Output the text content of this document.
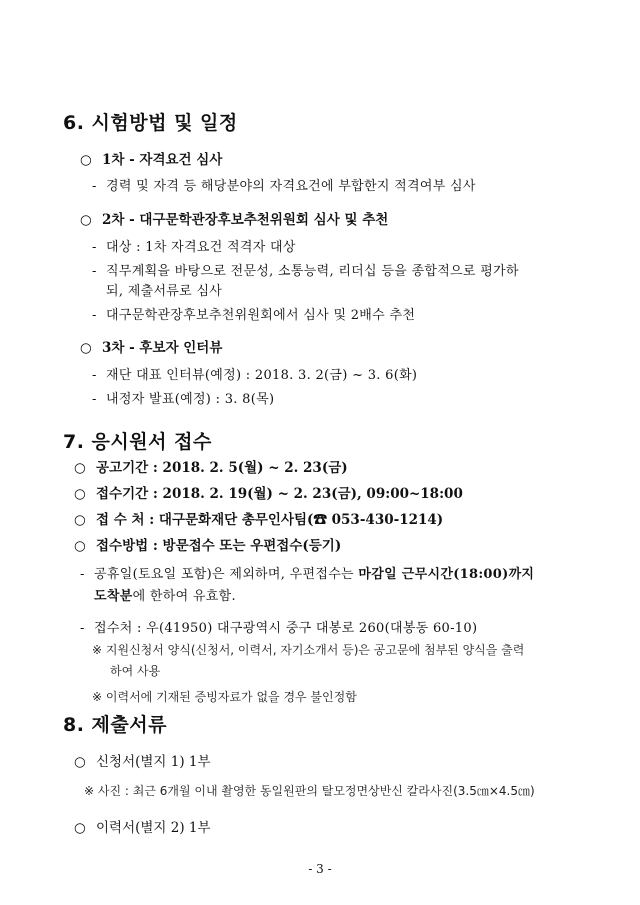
6. 시험방법 및 일정
○ 1차 - 자격요건 심사
- 경력 및 자격 등 해당분야의 자격요건에 부합한지 적격여부 심사
○ 2차 - 대구문학관장후보추천위원회 심사 및 추천
- 대상 : 1차 자격요건 적격자 대상
- 직무계획을 바탕으로 전문성, 소통능력, 리더십 등을 종합적으로 평가하
되, 제출서류로 심사
- 대구문학관장후보추천위원회에서 심사 및 2배수 추천
○ 3차 - 후보자 인터뷰
- 재단 대표 인터뷰(예정) : 2018. 3. 2(금) ~ 3. 6(화)
- 내정자 발표(예정) : 3. 8(목)
7. 응시원서 접수
○ 공고기간 : 2018. 2. 5(월) ~ 2. 23(금)
○ 접수기간 : 2018. 2. 19(월) ~ 2. 23(금), 09:00~18:00
○ 접 수 처 : 대구문화재단 총무인사팀(☎ 053-430-1214)
○ 접수방법 : 방문접수 또는 우편접수(등기)
- 공휴일(토요일 포함)은 제외하며, 우편접수는 마감일 근무시간(18:00)까지
도착분에 한하여 유효함.
- 접수처 : 우(41950) 대구광역시 중구 대봉로 260(대봉동 60-10)
※ 지원신청서 양식(신청서, 이력서, 자기소개서 등)은 공고문에 첨부된 양식을 출력
하여 사용
※ 이력서에 기재된 증빙자료가 없을 경우 불인정함
8. 제출서류
○ 신청서(별지 1) 1부
※ 사진 : 최근 6개월 이내 촬영한 동일원판의 탈모정면상반신 칼라사진(3.5㎝×4.5㎝)
○ 이력서(별지 2) 1부
- 3 -
